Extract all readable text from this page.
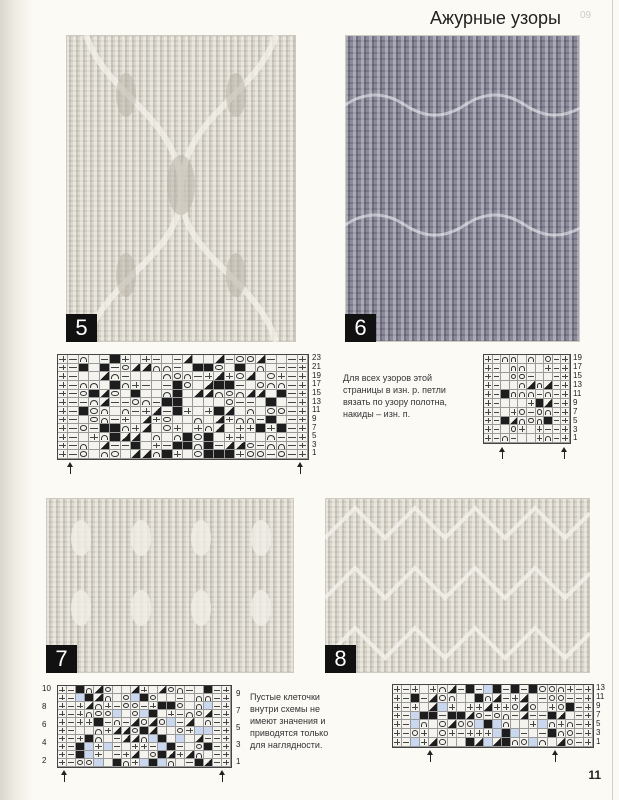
Ажурные узоры 09
5	6
23
21
19
17
15
13
11
9
7
5
3
1
Для всех узоров этой страницы в изн. р. петли вязать по узору полотна, накиды – изн. п.
19
17
15
13
11
9
7
5
3
1
7	8
10
8
6
4
2
9
7
5
3
1
Пустые клеточки внутри схемы не имеют значения и приводятся только для наглядности.
13
11
9
7
5
3
1
11
